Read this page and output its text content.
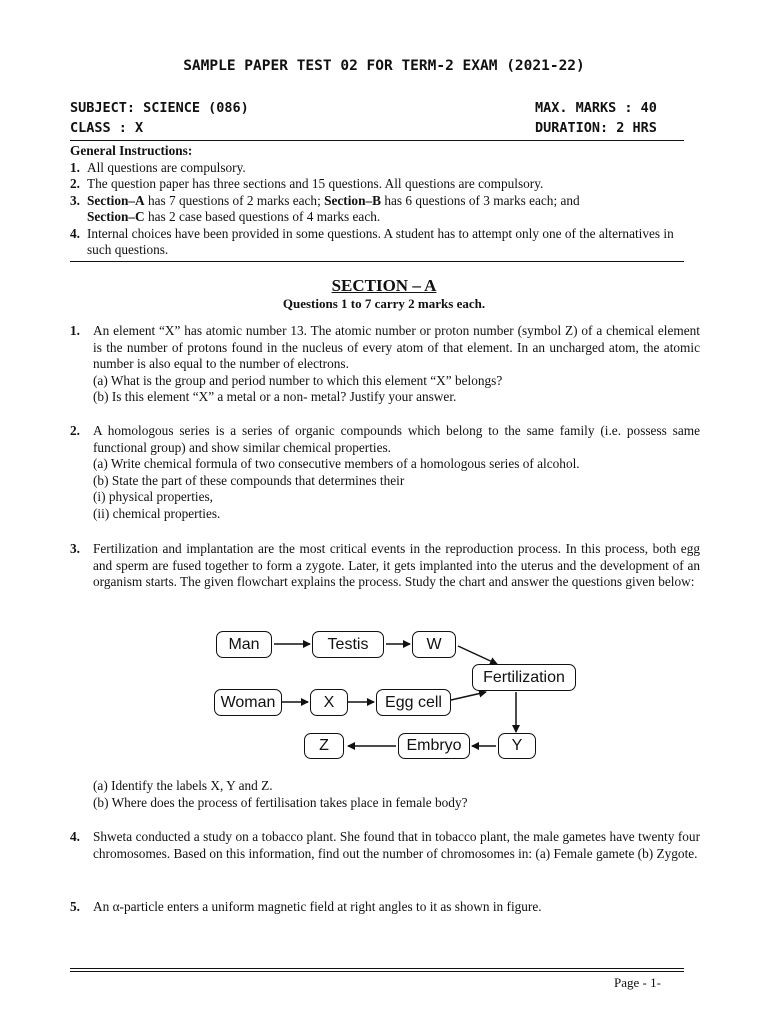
SAMPLE PAPER TEST 02 FOR TERM-2 EXAM (2021-22)
SUBJECT: SCIENCE (086)	MAX. MARKS : 40
CLASS : X	DURATION: 2 HRS
General Instructions:
1. All questions are compulsory.
2. The question paper has three sections and 15 questions. All questions are compulsory.
3. Section–A has 7 questions of 2 marks each; Section–B has 6 questions of 3 marks each; and
Section–C has 2 case based questions of 4 marks each.
4. Internal choices have been provided in some questions. A student has to attempt only one of the alternatives in such questions.
SECTION – A
Questions 1 to 7 carry 2 marks each.
1. An element “X” has atomic number 13. The atomic number or proton number (symbol Z) of a chemical element is the number of protons found in the nucleus of every atom of that element. In an uncharged atom, the atomic number is also equal to the number of electrons.

(a) What is the group and period number to which this element “X” belongs?

(b) Is this element “X” a metal or a non- metal? Justify your answer.

2. A homologous series is a series of organic compounds which belong to the same family (i.e. possess same functional group) and show similar chemical properties.

(a) Write chemical formula of two consecutive members of a homologous series of alcohol.

(b) State the part of these compounds that determines their

(i) physical properties,

(ii) chemical properties.

3. Fertilization and implantation are the most critical events in the reproduction process. In this process, both egg and sperm are fused together to form a zygote. Later, it gets implanted into the uterus and the development of an organism starts. The given flowchart explains the process. Study the chart and answer the questions given below:

Man	Testis	W
Fertilization
Woman	X	Egg cell
Z	Embryo	Y

(a) Identify the labels X, Y and Z.

(b) Where does the process of fertilisation takes place in female body?

4. Shweta conducted a study on a tobacco plant. She found that in tobacco plant, the male gametes have twenty four chromosomes. Based on this information, find out the number of chromosomes in: (a) Female gamete (b) Zygote.

5. An α-particle enters a uniform magnetic field at right angles to it as shown in figure.

Page - 1-
